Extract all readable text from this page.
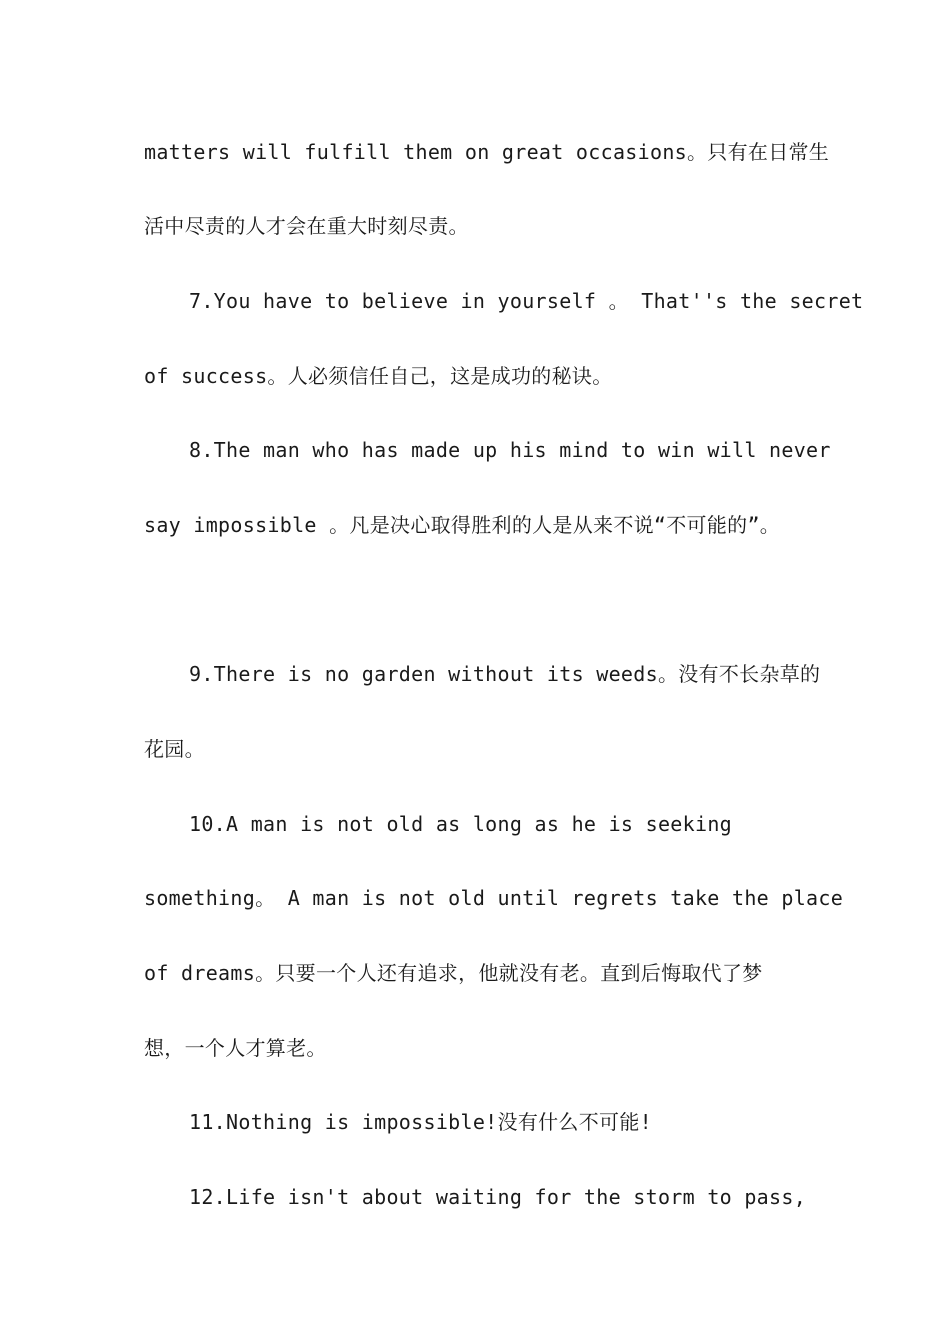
matters will fulfill them on great occasions。只有在日常生
活中尽责的人才会在重大时刻尽责。
7.You have to believe in yourself 。 That''s the secret
of success。人必须信任自己，这是成功的秘诀。
8.The man who has made up his mind to win will never
say impossible 。凡是决心取得胜利的人是从来不说“不可能的”。
9.There is no garden without its weeds。没有不长杂草的
花园。
10.A man is not old as long as he is seeking
something。 A man is not old until regrets take the place
of dreams。只要一个人还有追求，他就没有老。直到后悔取代了梦
想，一个人才算老。
11.Nothing is impossible!没有什么不可能!
12.Life isn't about waiting for the storm to pass,
